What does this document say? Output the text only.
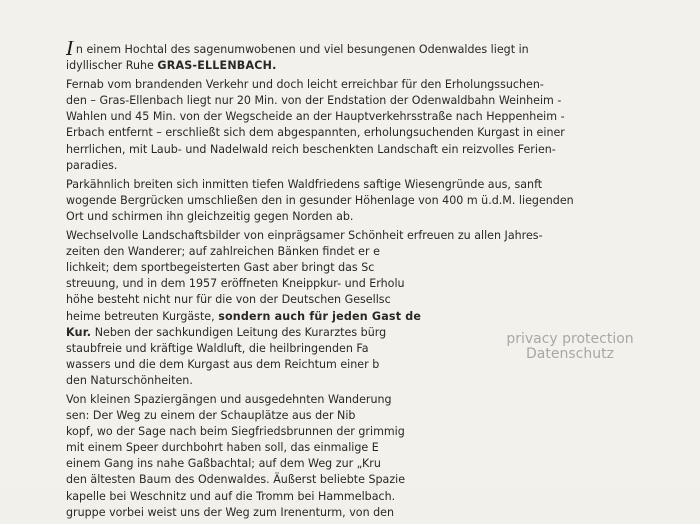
In einem Hochtal des sagenumwobenen und viel besungenen Odenwaldes liegt in
idyllischer Ruhe GRAS-ELLENBACH.

Fernab vom brandenden Verkehr und doch leicht erreichbar für den Erholungssuchen-
den – Gras-Ellenbach liegt nur 20 Min. von der Endstation der Odenwaldbahn Weinheim -
Wahlen und 45 Min. von der Wegscheide an der Hauptverkehrsstraße nach Heppenheim -
Erbach entfernt – erschließt sich dem abgespannten, erholungsuchenden Kurgast in einer
herrlichen, mit Laub- und Nadelwald reich beschenkten Landschaft ein reizvolles Ferien-
paradies.

Parkähnlich breiten sich inmitten tiefen Waldfriedens saftige Wiesengründe aus, sanft
wogende Bergrücken umschließen den in gesunder Höhenlage von 400 m ü.d.M. liegenden
Ort und schirmen ihn gleichzeitig gegen Norden ab.

Wechselvolle Landschaftsbilder von einprägsamer Schönheit erfreuen zu allen Jahres-
zeiten den Wanderer; auf zahlreichen Bänken findet er e
lichkeit; dem sportbegeisterten Gast aber bringt das Sc
streuung, und in dem 1957 eröffneten Kneippkur- und Erholu
höhe besteht nicht nur für die von der Deutschen Gesellsc
heime betreuten Kurgäste, sondern auch für jeden Gast de
Kur. Neben der sachkundigen Leitung des Kurarztes bürg
staubfreie und kräftige Waldluft, die heilbringenden Fa
wassers und die dem Kurgast aus dem Reichtum einer b
den Naturschönheiten.

Von kleinen Spaziergängen und ausgedehnten Wanderung
sen: Der Weg zu einem der Schauplätze aus der Nib
kopf, wo der Sage nach beim Siegfriedsbrunnen der grimmig
mit einem Speer durchbohrt haben soll, das einmalige E
einem Gang ins nahe Gaßbachtal; auf dem Weg zur „Kru
den ältesten Baum des Odenwaldes. Äußerst beliebte Spazie
kapelle bei Weschnitz und auf die Tromm bei Hammelbach.
gruppe vorbei weist uns der Weg zum Irenenturm, von den

privacy protection
Datenschutz
